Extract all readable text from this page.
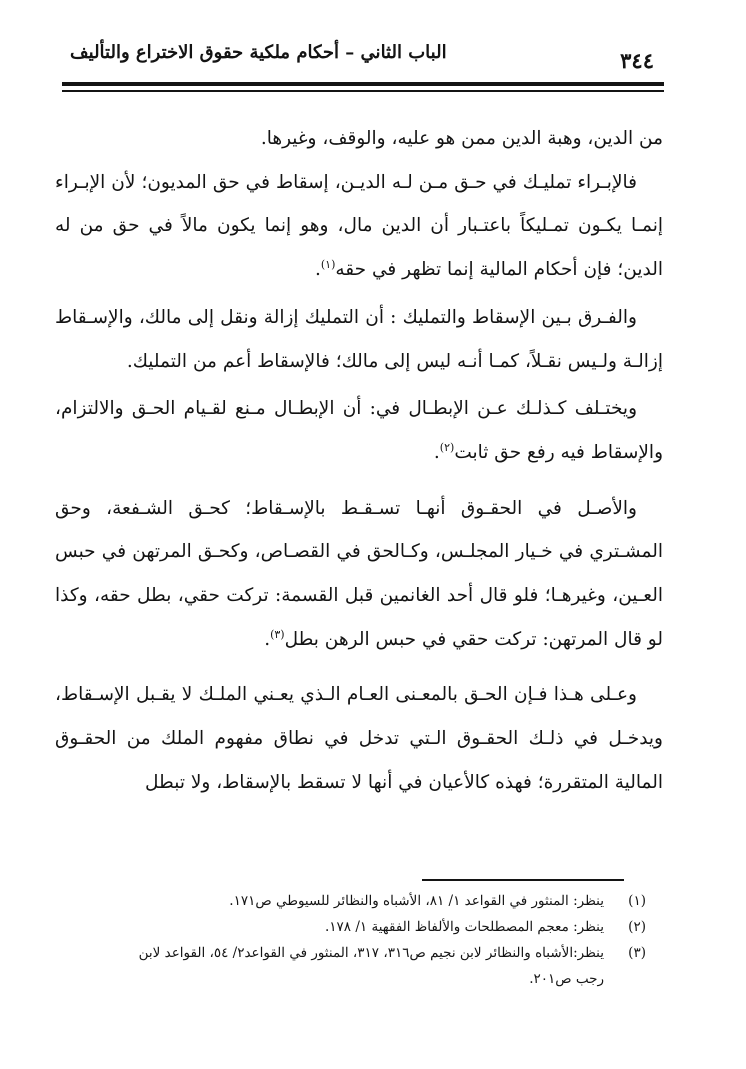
٣٤٤
الباب الثاني – أحكام ملكية حقوق الاختراع والتأليف

من الدين، وهبة الدين ممن هو عليه، والوقف، وغيرها.

فالإبـراء تمليـك في حـق مـن لـه الديـن، إسقاط في حق المديون؛ لأن الإبـراء إنمـا يكـون تمـليكاً باعتـبار أن الدين مال، وهو إنما يكون مالاً في حق من له الدين؛ فإن أحكام المالية إنما تظهر في حقه$^{(١)}$.

والفـرق بـين الإسقاط والتمليك : أن التمليك إزالة ونقل إلى مالك، والإسـقاط إزالـة ولـيس نقـلاً، كمـا أنـه ليس إلى مالك؛ فالإسقاط أعم من التمليك.

ويختـلف كـذلـك عـن الإبطـال في: أن الإبطـال مـنع لقـيام الحـق والالتزام، والإسقاط فيه رفع حق ثابت$^{(٢)}$.

والأصـل في الحقـوق أنهـا تسـقـط بالإسـقاط؛ كحـق الشـفعة، وحق المشـتري في خـيار المجلـس، وكـالحق في القصـاص، وكحـق المرتهن في حبس العـين، وغيرهـا؛ فلو قال أحد الغانمين قبل القسمة: تركت حقي، بطل حقه، وكذا لو قال المرتهن: تركت حقي في حبس الرهن بطل$^{(٣)}$.

وعـلى هـذا فـإن الحـق بالمعـنى العـام الـذي يعـني الملـك لا يقـبل الإسـقاط، ويدخـل في ذلـك الحقـوق الـتي تدخل في نطاق مفهوم الملك من الحقـوق المالية المتقررة؛ فهذه كالأعيان في أنها لا تسقط بالإسقاط، ولا تبطل

(١)
ينظر: المنثور في القواعد ١/ ٨١، الأشباه والنظائر للسيوطي ص١٧١.

(٢)
ينظر: معجم المصطلحات والألفاظ الفقهية ١/ ١٧٨.

(٣)
ينظر:الأشباه والنظائر لابن نجيم ص٣١٦، ٣١٧، المنثور في القواعد٢/ ٥٤، القواعد لابن

رجب ص٢٠١.
